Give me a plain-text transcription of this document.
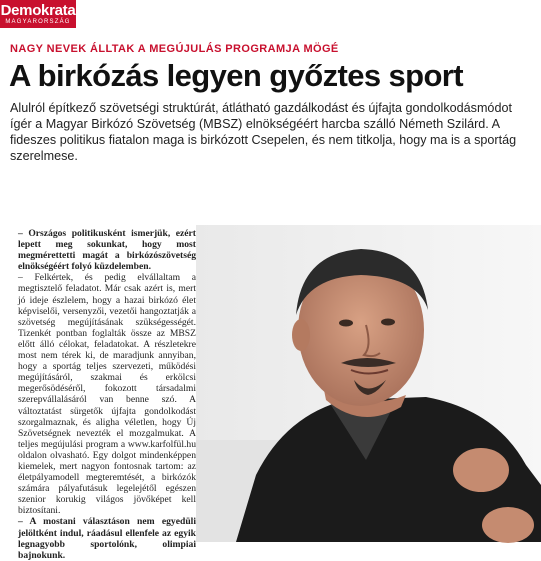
Demokrata
MAGYARORSZÁG
NAGY NEVEK ÁLLTAK A MEGÚJULÁS PROGRAMJA MÖGÉ
A birkózás legyen győztes sport

Alulról építkező szövetségi struktúrát, átlátható gazdálkodást és újfajta gondolkodásmódot ígér a Magyar Birkózó Szövetség (MBSZ) elnökségéért harcba szálló Németh Szilárd. A fideszes politikus fiatalon maga is birkózott Csepelen, és nem titkolja, hogy ma is a sportág szerelmese.

– Országos politikusként ismerjük, ezért lepett meg sokunkat, hogy most megmérettetti magát a birkózószövetség elnökségéért folyó küzdelemben.

– Felkértek, és pedig elvállaltam a megtisztelő feladatot. Már csak azért is, mert jó ideje észlelem, hogy a hazai birkózó élet képviselői, versenyzői, vezetői hangoztatják a szövetség megújításának szükségességét. Tizenkét pontban foglalták össze az MBSZ előtt álló célokat, feladatokat. A részletekre most nem térek ki, de maradjunk annyiban, hogy a sportág teljes szervezeti, működési megújításáról, szakmai és erkölcsi megerősödéséről, fokozott társadalmi szerepvállalásáról van benne szó. A változtatást sürgetők újfajta gondolkodást szorgalmaznak, és aligha véletlen, hogy Új Szövetségnek nevezték el mozgalmukat. A teljes megújulási program a www.karfolfül.hu oldalon olvasható. Egy dolgot mindenképpen kiemelek, mert nagyon fontosnak tartom: az életpályamodell megteremtését, a birkózók számára pályafutásuk legelejétől egészen szenior korukig világos jövőképet kell biztosítani.

– A mostani választáson nem egyedüli jelöltként indul, ráadásul ellenfele az egyik legnagyobb sportolónk, olimpiai bajnokunk.
